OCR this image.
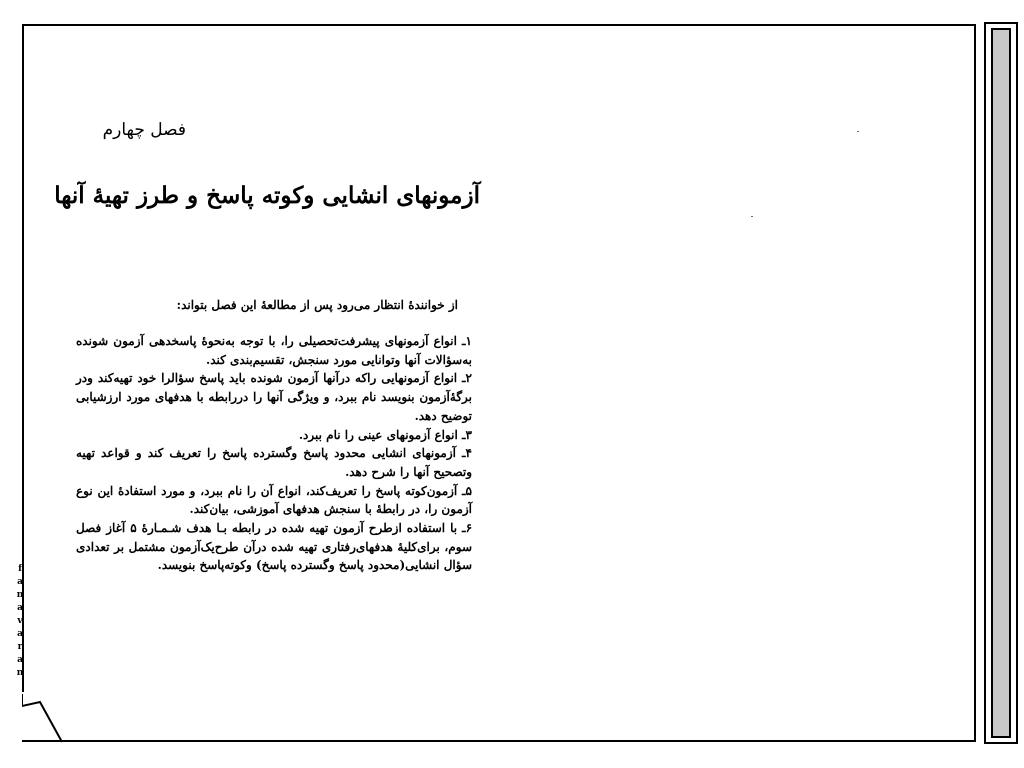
فصل چهارم
آزمونهای انشایی وکوته پاسخ و طرز تهیهٔ آنها
از خوانندهٔ انتظار می‌رود پس از مطالعهٔ این فصل بتواند:

۱ـ انواع آزمونهای پیشرفت‌تحصیلی را، با توجه به‌نحوهٔ پاسخدهی آزمون شونده به‌سؤالات آنها وتوانایی مورد سنجش، تقسیم‌بندی کند.

۲ـ انواع آزمونهایی راکه درآنها آزمون شونده باید پاسخ سؤالرا خود تهیه‌کند ودر برگهٔ‌آزمون بنویسد نام ببرد، و ویژگی آنها را دررابطه با هدفهای مورد ارزشیابی توضیح دهد.

۳ـ انواع آزمونهای عینی را نام ببرد.

۴ـ آزمونهای انشایی محدود پاسخ وگسترده پاسخ را تعریف کند و قواعد تهیه وتصحیح آنها را شرح دهد.

۵ـ آزمون‌کوته پاسخ را تعریف‌کند، انواع آن را نام ببرد، و مورد استفادهٔ این نوع آزمون را، در رابطهٔ با سنجش هدفهای آموزشی، بیان‌کند.

۶ـ با استفاده ازطرح آزمون تهیه شده در رابطه بـا هدف شـمـارهٔ ۵ آغاز فصل سوم، برای‌کلیهٔ هدفهای‌رفتاری تهیه شده درآن طرح‌یک‌آزمون مشتمل بر تعدادی سؤال انشایی(محدود پاسخ وگسترده پاسخ) وکوته‌پاسخ بنویسد.

f
a
n
a
v
a
r
a
n
